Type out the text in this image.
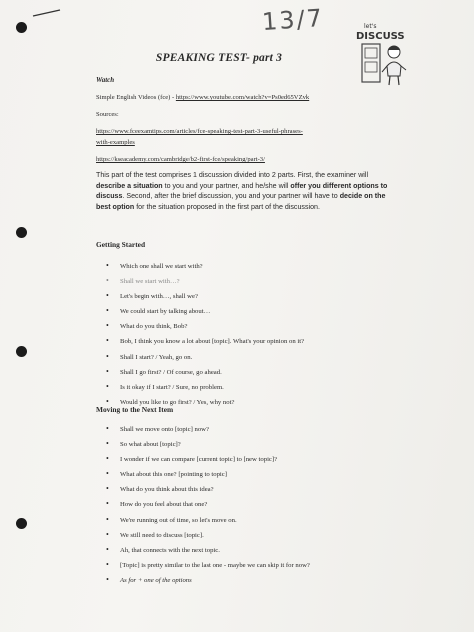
13/7	let's
DISCUSS
SPEAKING TEST- part 3
Watch
Simple English Videos (fce) - https://www.youtube.com/watch?v=Ps0ed65VZvk
Sources:
https://www.fceexamtips.com/articles/fce-speaking-test-part-3-useful-phrases-
with-examples
https://kseacademy.com/cambridge/b2-first-fce/speaking/part-3/
This part of the test comprises 1 discussion divided into 2 parts. First, the examiner will describe a situation to you and your partner, and he/she will offer you different options to discuss. Second, after the brief discussion, you and your partner will have to decide on the best option for the situation proposed in the first part of the discussion.
Getting Started
• Which one shall we start with?
• Shall we start with…?
• Let's begin with…, shall we?
• We could start by talking about…
• What do you think, Bob?
• Bob, I think you know a lot about [topic]. What's your opinion on it?
• Shall I start? / Yeah, go on.
• Shall I go first? / Of course, go ahead.
• Is it okay if I start? / Sure, no problem.
• Would you like to go first? / Yes, why not?
Moving to the Next Item
• Shall we move onto [topic] now?
• So what about [topic]?
• I wonder if we can compare [current topic] to [new topic]?
• What about this one? [pointing to topic]
• What do you think about this idea?
• How do you feel about that one?
• We're running out of time, so let's move on.
• We still need to discuss [topic].
• Ah, that connects with the next topic.
• [Topic] is pretty similar to the last one - maybe we can skip it for now?
• As for + one of the options
